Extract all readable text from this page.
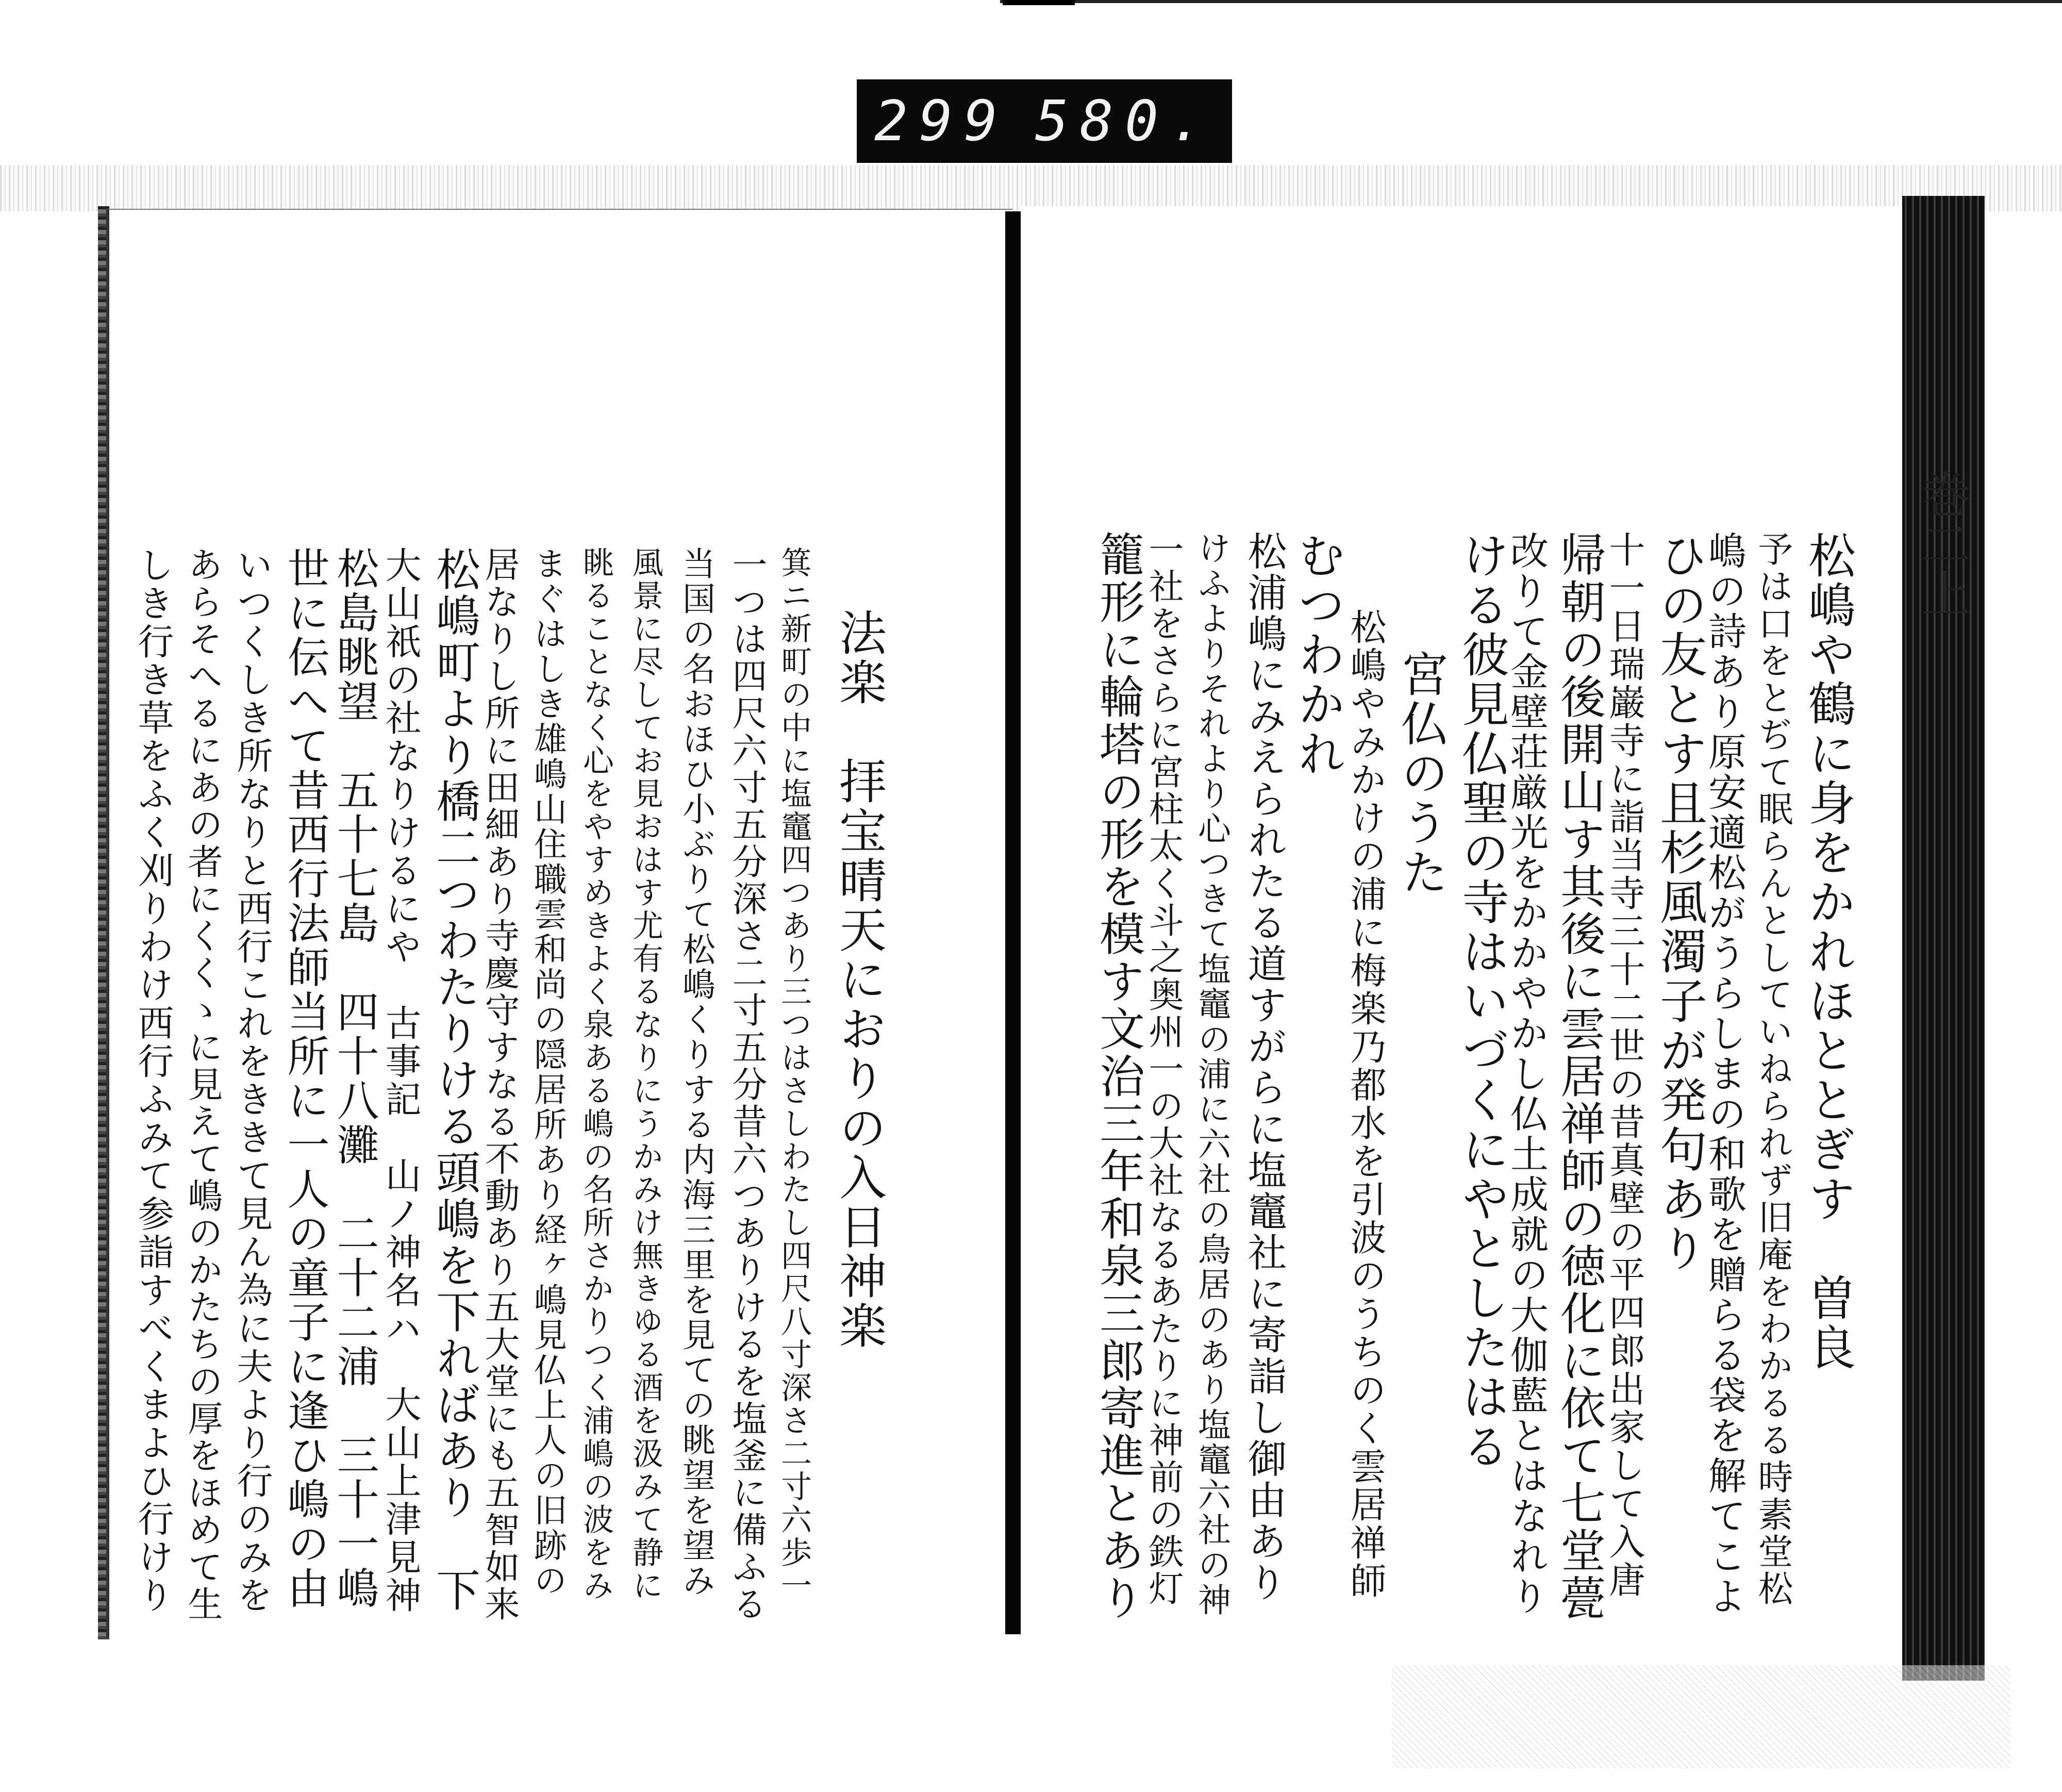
299 580.
巻二上
松嶋や鶴に身をかれほととぎす　曽良
予は口をとぢて眠らんとしていねられず旧庵をわかるる時素堂松
嶋の詩あり原安適松がうらしまの和歌を贈らる袋を解てこよ
ひの友とす且杉風濁子が発句あり
十一日瑞巌寺に詣当寺三十二世の昔真壁の平四郎出家して入唐
帰朝の後開山す其後に雲居禅師の徳化に依て七堂甍
改りて金壁荘厳光をかかやかし仏土成就の大伽藍とはなれり
ける彼見仏聖の寺はいづくにやとしたはる
宮仏のうた
松嶋やみかけの浦に梅楽乃都水を引波のうちのく雲居禅師
むつわかれ
松浦嶋にみえられたる道すがらに塩竈社に寄詣し御由あり
けふよりそれより心つきて塩竈の浦に六社の鳥居のあり塩竈六社の神
一社をさらに宮柱太く斗之奥州一の大社なるあたりに神前の鉄灯
籠形に輪塔の形を模す文治三年和泉三郎寄進とあり
法楽　拝宝晴天におりの入日神楽
箕ニ新町の中に塩竈四つあり三つはさしわたし四尺八寸深さ二寸六歩一
一つは四尺六寸五分深さ二寸五分昔六つありけるを塩釜に備ふる
当国の名おほひ小ぶりて松嶋くりする内海三里を見ての眺望を望み
風景に尽してお見おはす尤有るなりにうかみけ無きゆる酒を汲みて静に
眺ることなく心をやすめきよく泉ある嶋の名所さかりつく浦嶋の波をみ
まぐはしき雄嶋山住職雲和尚の隠居所あり経ヶ嶋見仏上人の旧跡の
居なりし所に田細あり寺慶守すなる不動あり五大堂にも五智如来
松嶋町より橋二つわたりける頭嶋を下ればあり　下
大山祇の社なりけるにや　古事記　山ノ神名ハ　大山上津見神
松島眺望　五十七島　四十八灘　二十二浦　三十一嶋
世に伝へて昔西行法師当所に一人の童子に逢ひ嶋の由
いつくしき所なりと西行これをききて見ん為に夫より行のみを
あらそへるにあの者にくくゝに見えて嶋のかたちの厚をほめて生
しき行き草をふく刈りわけ西行ふみて参詣すべくまよひ行けり
